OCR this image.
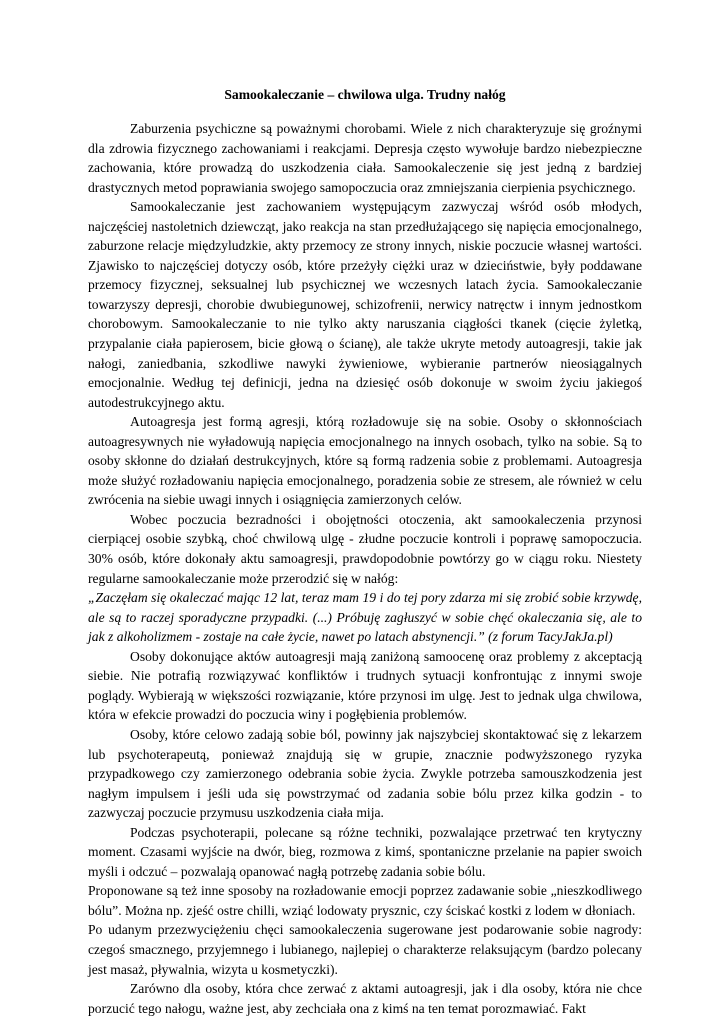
Samookaleczanie – chwilowa ulga. Trudny nałóg

Zaburzenia psychiczne są poważnymi chorobami. Wiele z nich charakteryzuje się groźnymi dla zdrowia fizycznego zachowaniami i reakcjami. Depresja często wywołuje bardzo niebezpieczne zachowania, które prowadzą do uszkodzenia ciała. Samookaleczenie się jest jedną z bardziej drastycznych metod poprawiania swojego samopoczucia oraz zmniejszania cierpienia psychicznego.

Samookaleczanie jest zachowaniem występującym zazwyczaj wśród osób młodych, najczęściej nastoletnich dziewcząt, jako reakcja na stan przedłużającego się napięcia emocjonalnego, zaburzone relacje międzyludzkie, akty przemocy ze strony innych, niskie poczucie własnej wartości. Zjawisko to najczęściej dotyczy osób, które przeżyły ciężki uraz w dzieciństwie, były poddawane przemocy fizycznej, seksualnej lub psychicznej we wczesnych latach życia. Samookaleczanie towarzyszy depresji, chorobie dwubiegunowej, schizofrenii, nerwicy natręctw i innym jednostkom chorobowym. Samookaleczanie to nie tylko akty naruszania ciągłości tkanek (cięcie żyletką, przypalanie ciała papierosem, bicie głową o ścianę), ale także ukryte metody autoagresji, takie jak nałogi, zaniedbania, szkodliwe nawyki żywieniowe, wybieranie partnerów nieosiągalnych emocjonalnie. Według tej definicji, jedna na dziesięć osób dokonuje w swoim życiu jakiegoś autodestrukcyjnego aktu.

Autoagresja jest formą agresji, którą rozładowuje się na sobie. Osoby o skłonnościach autoagresywnych nie wyładowują napięcia emocjonalnego na innych osobach, tylko na sobie. Są to osoby skłonne do działań destrukcyjnych, które są formą radzenia sobie z problemami. Autoagresja może służyć rozładowaniu napięcia emocjonalnego, poradzenia sobie ze stresem, ale również w celu zwrócenia na siebie uwagi innych i osiągnięcia zamierzonych celów.

Wobec poczucia bezradności i obojętności otoczenia, akt samookaleczenia przynosi cierpiącej osobie szybką, choć chwilową ulgę - złudne poczucie kontroli i poprawę samopoczucia. 30% osób, które dokonały aktu samoagresji, prawdopodobnie powtórzy go w ciągu roku. Niestety regularne samookaleczanie może przerodzić się w nałóg:

„Zaczęłam się okaleczać mając 12 lat, teraz mam 19 i do tej pory zdarza mi się zrobić sobie krzywdę, ale są to raczej sporadyczne przypadki. (...) Próbuję zagłuszyć w sobie chęć okaleczania się, ale to jak z alkoholizmem - zostaje na całe życie, nawet po latach abstynencji.” (z forum TacyJakJa.pl)

Osoby dokonujące aktów autoagresji mają zaniżoną samoocenę oraz problemy z akceptacją siebie. Nie potrafią rozwiązywać konfliktów i trudnych sytuacji konfrontując z innymi swoje poglądy. Wybierają w większości rozwiązanie, które przynosi im ulgę. Jest to jednak ulga chwilowa, która w efekcie prowadzi do poczucia winy i pogłębienia problemów.

Osoby, które celowo zadają sobie ból, powinny jak najszybciej skontaktować się z lekarzem lub psychoterapeutą, ponieważ znajdują się w grupie, znacznie podwyższonego ryzyka przypadkowego czy zamierzonego odebrania sobie życia. Zwykle potrzeba samouszkodzenia jest nagłym impulsem i jeśli uda się powstrzymać od zadania sobie bólu przez kilka godzin - to zazwyczaj poczucie przymusu uszkodzenia ciała mija.

Podczas psychoterapii, polecane są różne techniki, pozwalające przetrwać ten krytyczny moment. Czasami wyjście na dwór, bieg, rozmowa z kimś, spontaniczne przelanie na papier swoich myśli i odczuć – pozwalają opanować nagłą potrzebę zadania sobie bólu.

Proponowane są też inne sposoby na rozładowanie emocji poprzez zadawanie sobie „nieszkodliwego bólu”. Można np. zjeść ostre chilli, wziąć lodowaty prysznic, czy ściskać kostki z lodem w dłoniach.

Po udanym przezwyciężeniu chęci samookaleczenia sugerowane jest podarowanie sobie nagrody: czegoś smacznego, przyjemnego i lubianego, najlepiej o charakterze relaksującym (bardzo polecany jest masaż, pływalnia, wizyta u kosmetyczki).

Zarówno dla osoby, która chce zerwać z aktami autoagresji, jak i dla osoby, która nie chce porzucić tego nałogu, ważne jest, aby zechciała ona z kimś na ten temat porozmawiać. Fakt
